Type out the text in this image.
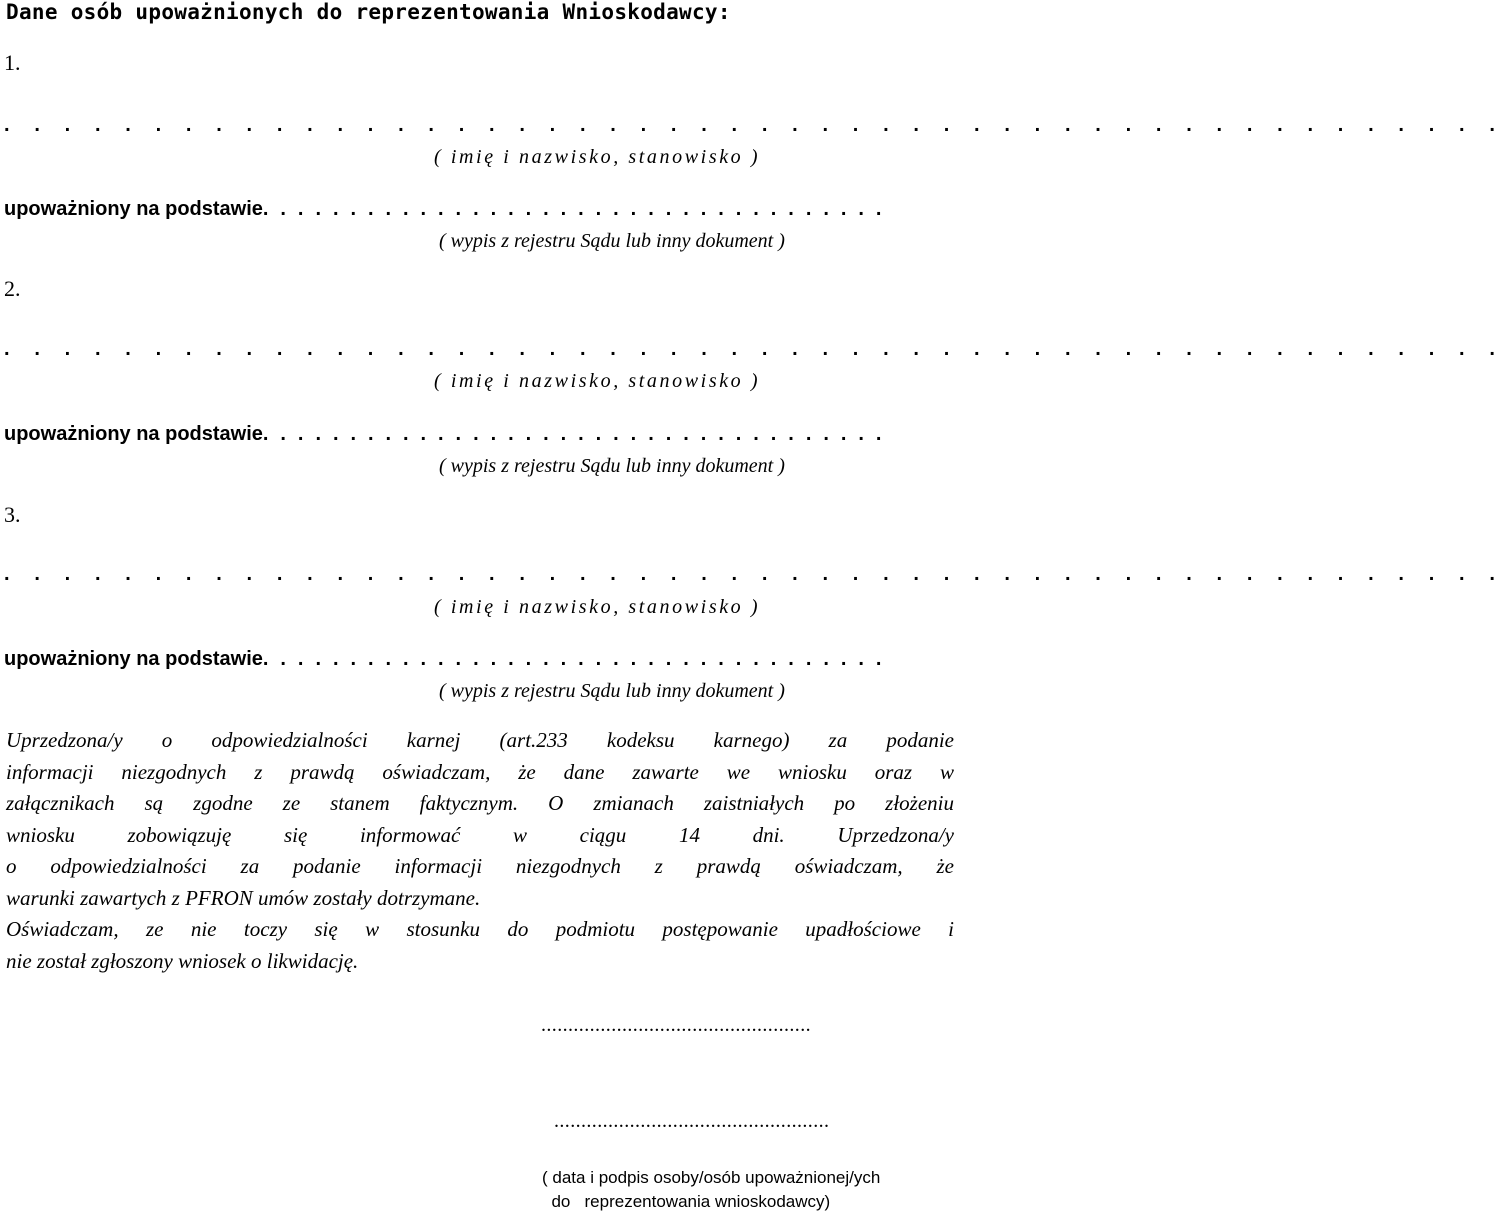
Dane osób upoważnionych do reprezentowania Wnioskodawcy:
1.
. . . . . . . . . . . . . . . . . . . . . . . . . . . . . . . . . . . . . . . . . . . . . . . . . .
( imię i nazwisko, stanowisko )
upoważniony na podstawie. . . . . . . . . . . . . . . . . . . . . . . . . . . . . . . . . . . .
( wypis z rejestru Sądu lub inny dokument )
2.
. . . . . . . . . . . . . . . . . . . . . . . . . . . . . . . . . . . . . . . . . . . . . . . . . .
( imię i nazwisko, stanowisko )
upoważniony na podstawie. . . . . . . . . . . . . . . . . . . . . . . . . . . . . . . . . . . .
( wypis z rejestru Sądu lub inny dokument )
3.
. . . . . . . . . . . . . . . . . . . . . . . . . . . . . . . . . . . . . . . . . . . . . . . . . .
( imię i nazwisko, stanowisko )
upoważniony na podstawie. . . . . . . . . . . . . . . . . . . . . . . . . . . . . . . . . . . .
( wypis z rejestru Sądu lub inny dokument )
Uprzedzona/y o odpowiedzialności karnej (art.233 kodeksu karnego) za podanie
informacji niezgodnych z prawdą oświadczam, że dane zawarte we wniosku oraz w
załącznikach są zgodne ze stanem faktycznym. O zmianach zaistniałych po złożeniu
wniosku zobowiązuję się informować w ciągu 14 dni. Uprzedzona/y
o odpowiedzialności za podanie informacji niezgodnych z prawdą oświadczam, że
warunki zawartych z PFRON umów zostały dotrzymane.
Oświadczam, ze nie toczy się w stosunku do podmiotu postępowanie upadłościowe i
nie został zgłoszony wniosek o likwidację.
..................................................
...................................................
( data i podpis osoby/osób upoważnionej/ych
do   reprezentowania wnioskodawcy)
